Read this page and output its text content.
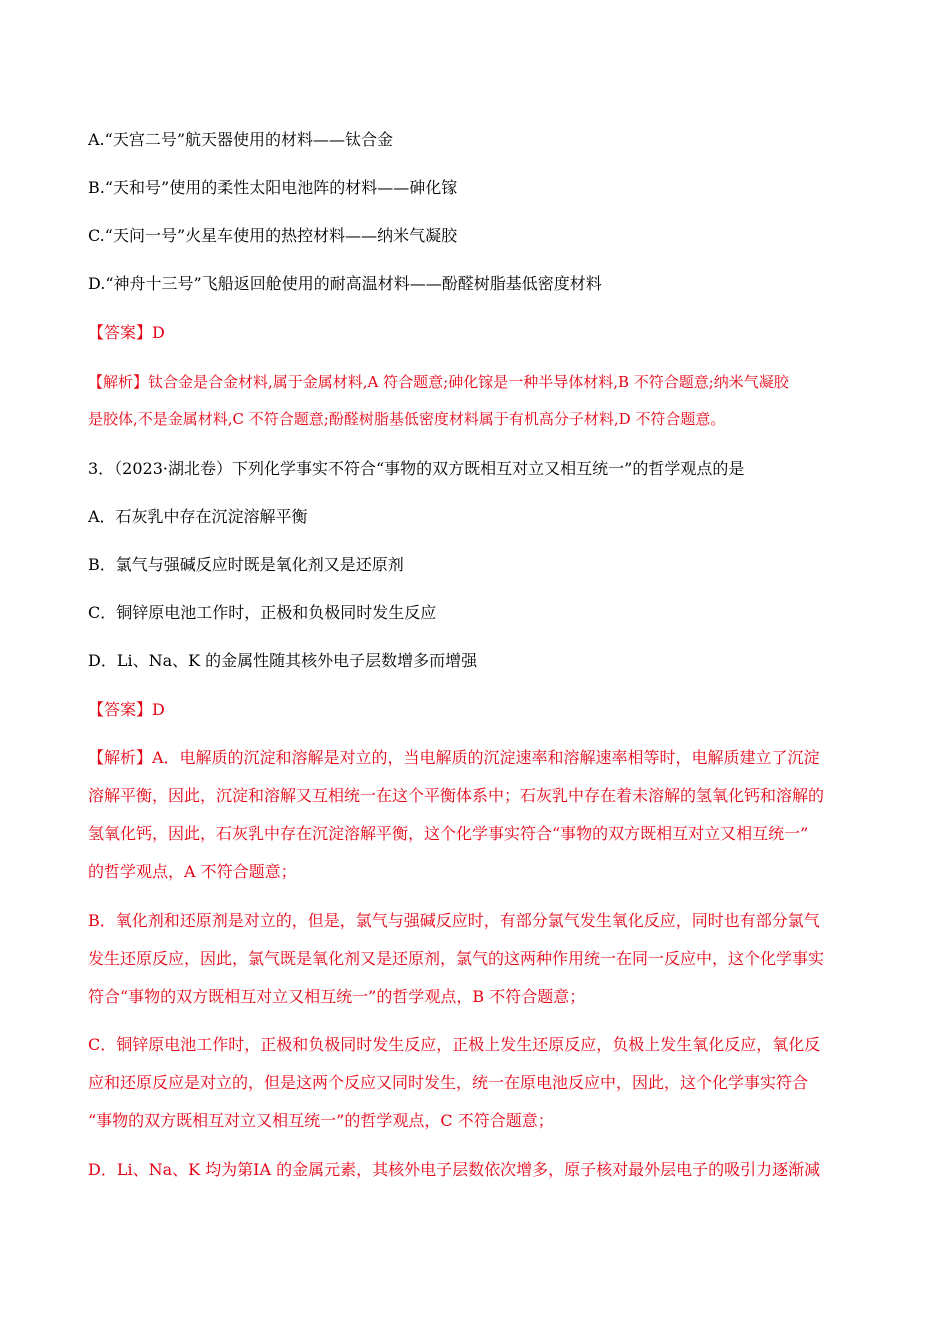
A.“天宫二号”航天器使用的材料——钛合金
B.“天和号”使用的柔性太阳电池阵的材料——砷化镓
C.“天问一号”火星车使用的热控材料——纳米气凝胶
D.“神舟十三号”飞船返回舱使用的耐高温材料——酚醛树脂基低密度材料
【答案】D
【解析】钛合金是合金材料,属于金属材料,A 符合题意;砷化镓是一种半导体材料,B 不符合题意;纳米气凝胶
是胶体,不是金属材料,C 不符合题意;酚醛树脂基低密度材料属于有机高分子材料,D 不符合题意。
3．（2023·湖北卷）下列化学事实不符合“事物的双方既相互对立又相互统一”的哲学观点的是
A．石灰乳中存在沉淀溶解平衡
B．氯气与强碱反应时既是氧化剂又是还原剂
C．铜锌原电池工作时，正极和负极同时发生反应
D．Li、Na、K 的金属性随其核外电子层数增多而增强
【答案】D
【解析】A．电解质的沉淀和溶解是对立的，当电解质的沉淀速率和溶解速率相等时，电解质建立了沉淀
溶解平衡，因此，沉淀和溶解又互相统一在这个平衡体系中；石灰乳中存在着未溶解的氢氧化钙和溶解的
氢氧化钙，因此，石灰乳中存在沉淀溶解平衡，这个化学事实符合“事物的双方既相互对立又相互统一”
的哲学观点，A 不符合题意；
B．氧化剂和还原剂是对立的，但是，氯气与强碱反应时，有部分氯气发生氧化反应，同时也有部分氯气
发生还原反应，因此，氯气既是氧化剂又是还原剂，氯气的这两种作用统一在同一反应中，这个化学事实
符合“事物的双方既相互对立又相互统一”的哲学观点，B 不符合题意；
C．铜锌原电池工作时，正极和负极同时发生反应，正极上发生还原反应，负极上发生氧化反应，氧化反
应和还原反应是对立的，但是这两个反应又同时发生，统一在原电池反应中，因此，这个化学事实符合
“事物的双方既相互对立又相互统一”的哲学观点，C 不符合题意；
D．Li、Na、K 均为第ⅠA 的金属元素，其核外电子层数依次增多，原子核对最外层电子的吸引力逐渐减
